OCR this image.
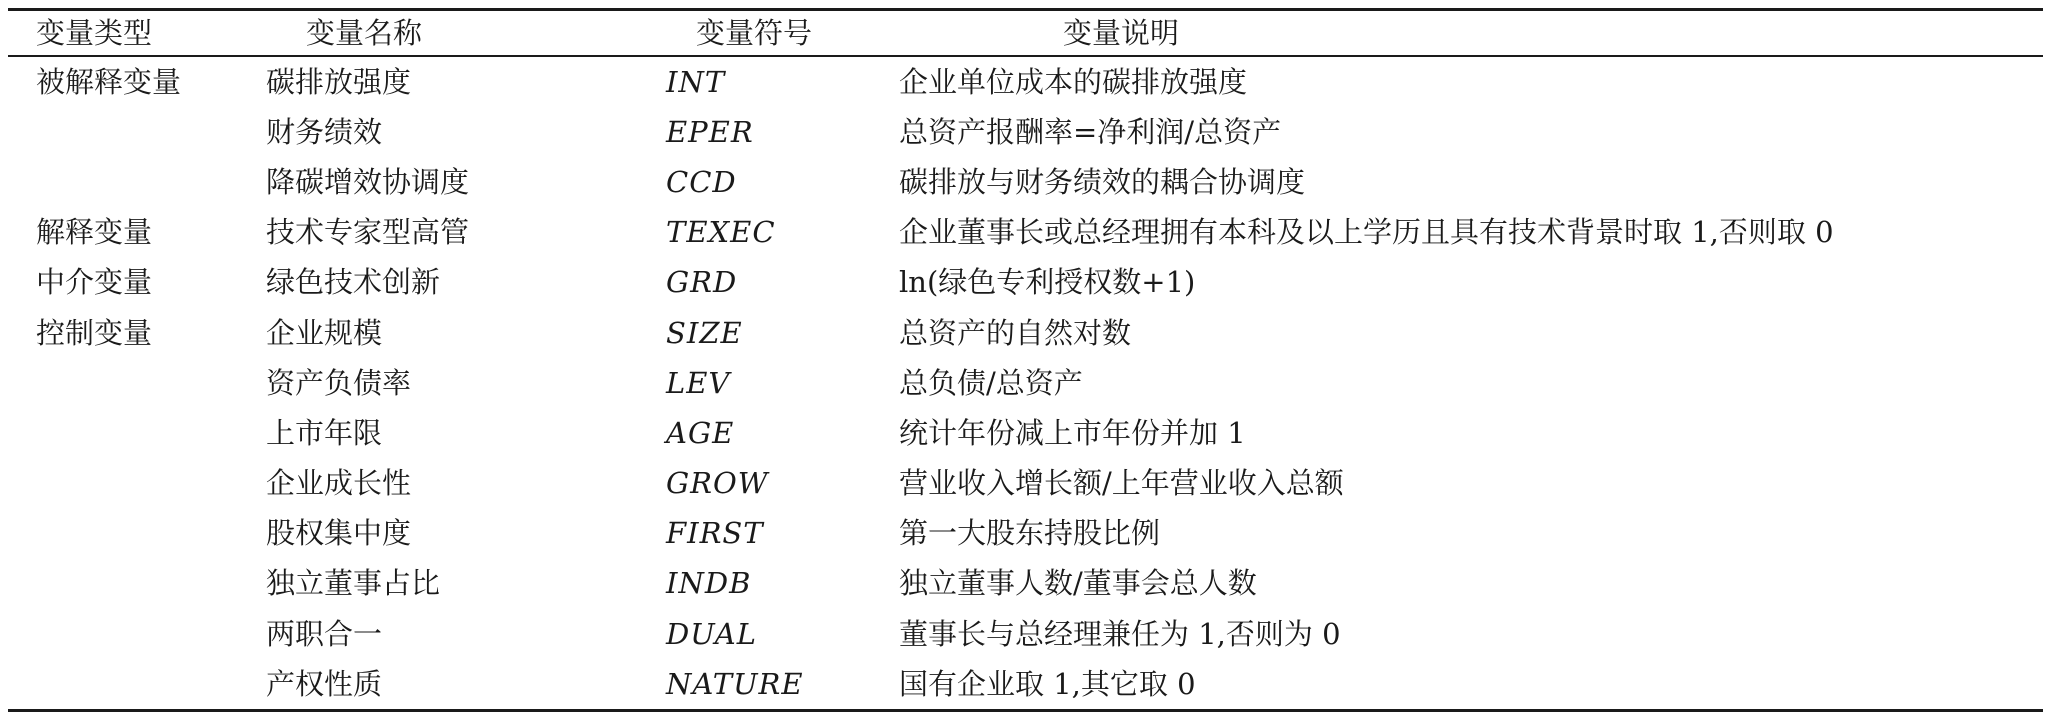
变量类型	变量名称	变量符号	变量说明
被解释变量	碳排放强度	INT	企业单位成本的碳排放强度
	财务绩效	EPER	总资产报酬率=净利润/总资产
	降碳增效协调度	CCD	碳排放与财务绩效的耦合协调度
解释变量	技术专家型高管	TEXEC	企业董事长或总经理拥有本科及以上学历且具有技术背景时取 1,否则取 0
中介变量	绿色技术创新	GRD	ln(绿色专利授权数+1)
控制变量	企业规模	SIZE	总资产的自然对数
	资产负债率	LEV	总负债/总资产
	上市年限	AGE	统计年份减上市年份并加 1
	企业成长性	GROW	营业收入增长额/上年营业收入总额
	股权集中度	FIRST	第一大股东持股比例
	独立董事占比	INDB	独立董事人数/董事会总人数
	两职合一	DUAL	董事长与总经理兼任为 1,否则为 0
	产权性质	NATURE	国有企业取 1,其它取 0
